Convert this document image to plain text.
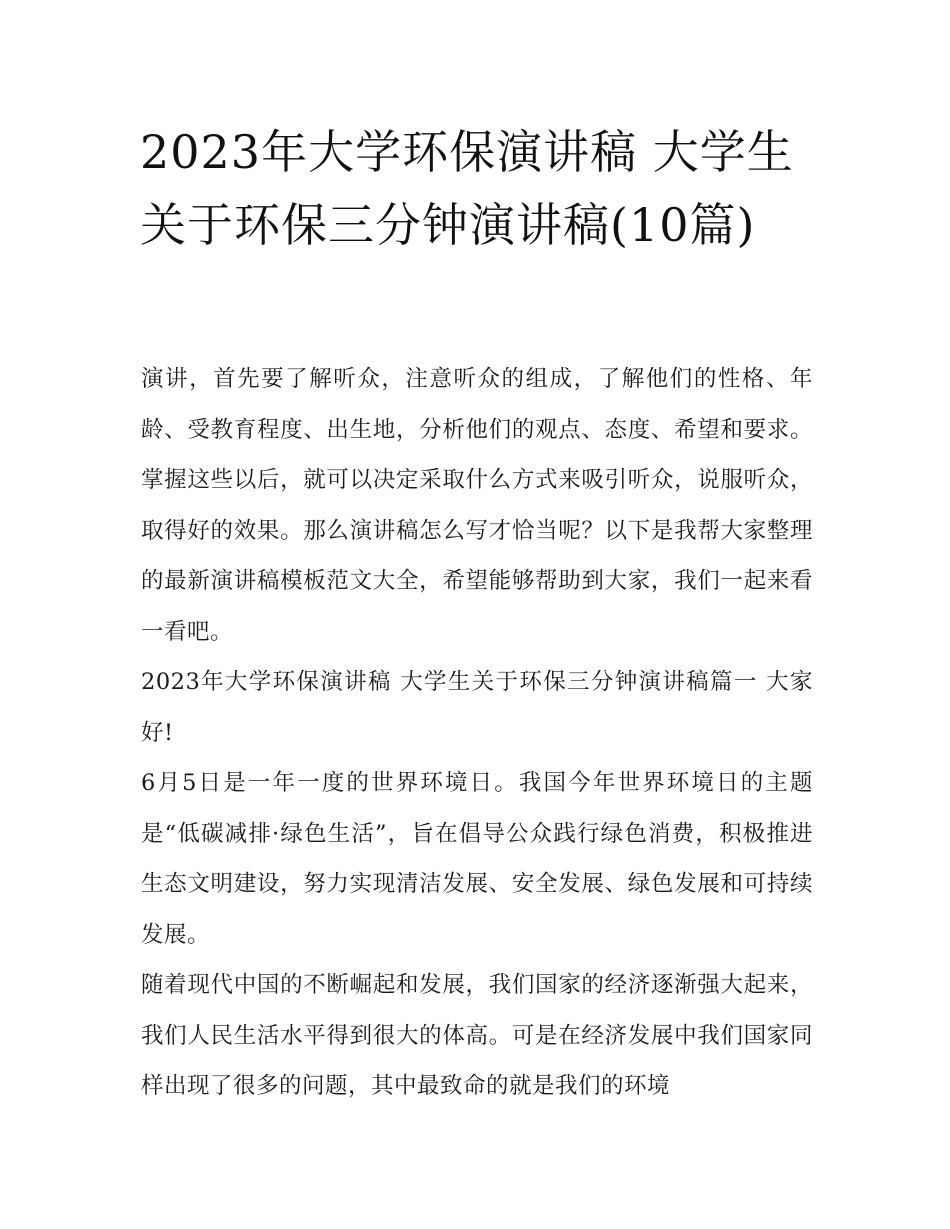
2023年大学环保演讲稿 大学生关于环保三分钟演讲稿(10篇)

演讲，首先要了解听众，注意听众的组成，了解他们的性格、年龄、受教育程度、出生地，分析他们的观点、态度、希望和要求。掌握这些以后，就可以决定采取什么方式来吸引听众，说服听众，取得好的效果。那么演讲稿怎么写才恰当呢？以下是我帮大家整理的最新演讲稿模板范文大全，希望能够帮助到大家，我们一起来看一看吧。

2023年大学环保演讲稿 大学生关于环保三分钟演讲稿篇一 大家好!

6月5日是一年一度的世界环境日。我国今年世界环境日的主题是“低碳减排·绿色生活”，旨在倡导公众践行绿色消费，积极推进生态文明建设，努力实现清洁发展、安全发展、绿色发展和可持续发展。

随着现代中国的不断崛起和发展，我们国家的经济逐渐强大起来，我们人民生活水平得到很大的体高。可是在经济发展中我们国家同样出现了很多的问题，其中最致命的就是我们的环境
